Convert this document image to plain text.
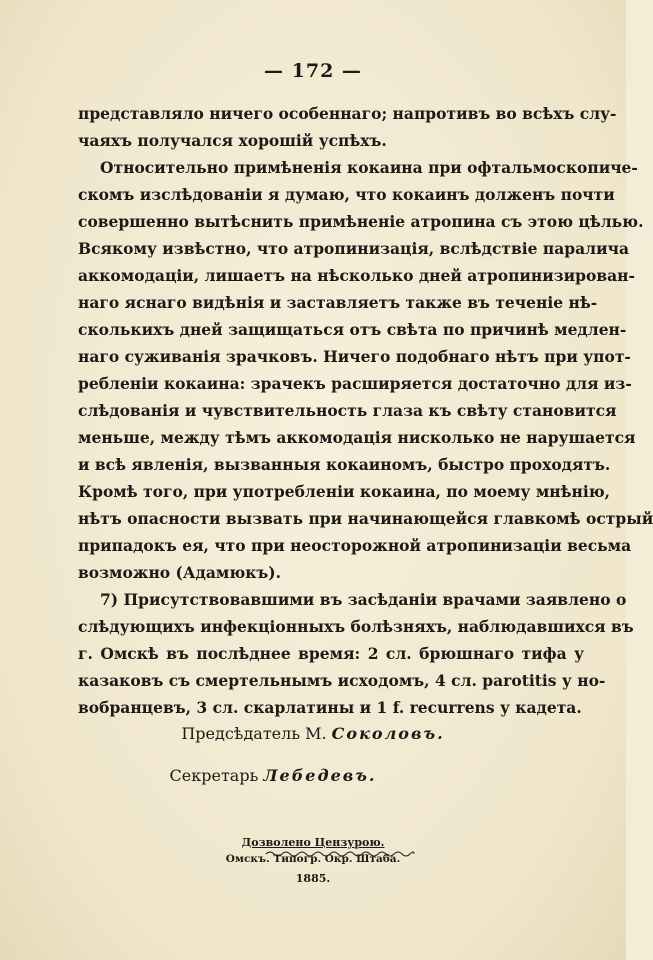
— 172 —
представляло ничего особеннаго; напротивъ во всѣхъ слу-
чаяхъ получался хорошій успѣхъ.
Относительно примѣненія кокаина при офтальмоскопиче-
скомъ изслѣдованіи я думаю, что кокаинъ долженъ почти
совершенно вытѣснить примѣненіе атропина съ этою цѣлью.
Всякому извѣстно, что атропинизація, вслѣдствіе паралича
аккомодаціи, лишаетъ на нѣсколько дней атропинизирован-
наго яснаго видѣнія и заставляетъ также въ теченіе нѣ-
сколькихъ дней защищаться отъ свѣта по причинѣ медлен-
наго суживанія зрачковъ. Ничего подобнаго нѣтъ при упот-
ребленіи кокаина: зрачекъ расширяется достаточно для из-
слѣдованія и чувствительность глаза къ свѣту становится
меньше, между тѣмъ аккомодація нисколько не нарушается
и всѣ явленія, вызванныя кокаиномъ, быстро проходятъ.
Кромѣ того, при употребленіи кокаина, по моему мнѣнію,
нѣтъ опасности вызвать при начинающейся главкомѣ острый
припадокъ ея, что при неосторожной атропинизаціи весьма
возможно (Адамюкъ).
7) Присутствовавшими въ засѣданіи врачами заявлено о
слѣдующихъ инфекціонныхъ болѣзняхъ, наблюдавшихся въ
г. Омскѣ въ послѣднее время: 2 сл. брюшнаго тифа у
казаковъ съ смертельнымъ исходомъ, 4 сл. parotitis у но-
вобранцевъ, 3 сл. скарлатины и 1 f. recurrens у кадета.
Предсѣдатель М. Соколовъ.
Секретарь Лебедевъ.
Дозволено Цензурою.
Омскъ. Типогр. Окр. Штаба.
1885.
